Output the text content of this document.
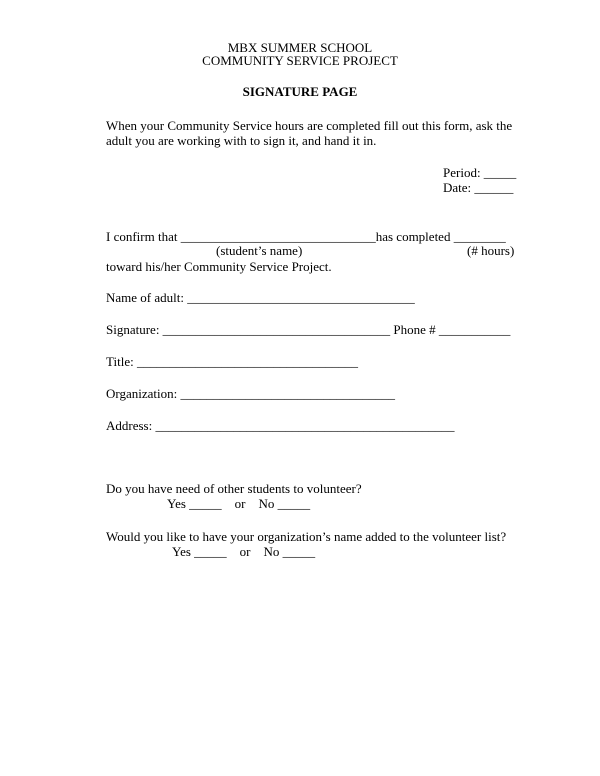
MBX SUMMER SCHOOL
COMMUNITY SERVICE PROJECT
SIGNATURE PAGE
When your Community Service hours are completed fill out this form, ask the
adult you are working with to sign it, and hand it in.
Period: _____
Date: ______
I confirm that ______________________________has completed ________
(student’s name)	(# hours)
toward his/her Community Service Project.
Name of adult: ___________________________________
Signature: ___________________________________ Phone # ___________
Title: __________________________________
Organization: _________________________________
Address: ______________________________________________
Do you have need of other students to volunteer?
Yes _____    or    No _____
Would you like to have your organization’s name added to the volunteer list?
Yes _____    or    No _____
